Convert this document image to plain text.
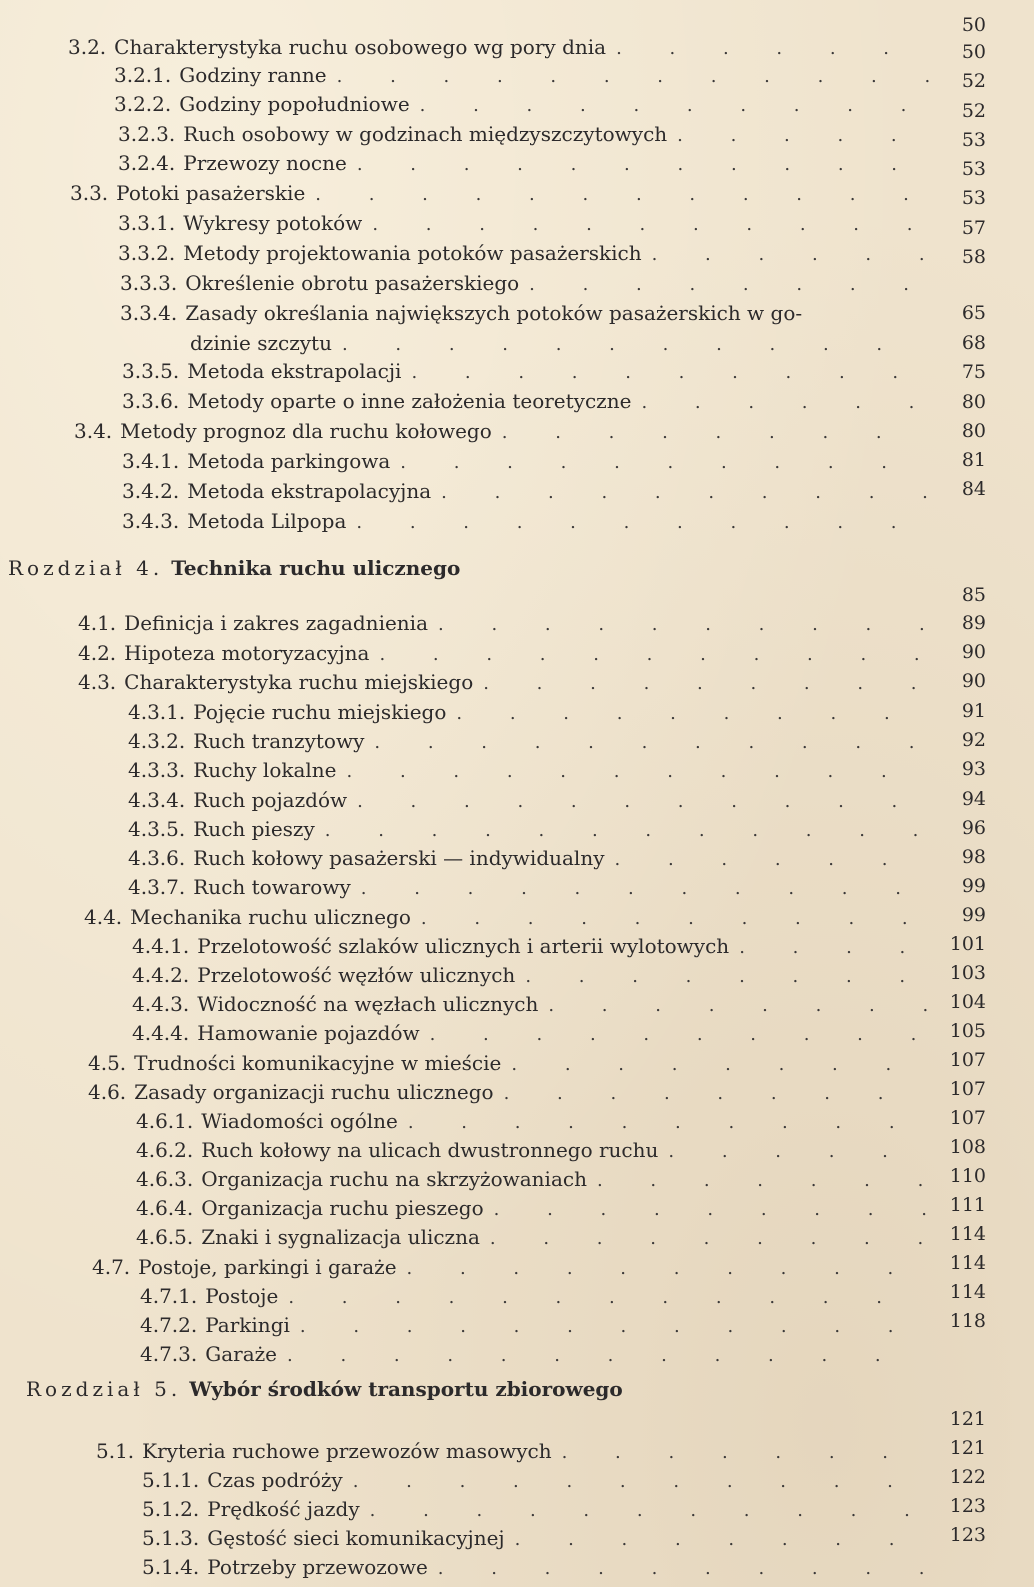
Rozdział 4. Technika ruchu ulicznego
Rozdział 5. Wybór środków transportu zbiorowego
3.2. Charakterystyka ruchu osobowego wg pory dnia
. . .
3.2.1. Godziny ranne
. . .
3.2.2. Godziny popołudniowe
. . .
3.2.3. Ruch osobowy w godzinach międzyszczytowych
. . .
3.2.4. Przewozy nocne
. . .
3.3. Potoki pasażerskie
. . .
3.3.1. Wykresy potoków
. . .
3.3.2. Metody projektowania potoków pasażerskich
. . .
3.3.3. Określenie obrotu pasażerskiego
. . .
3.3.4. Zasady określania największych potoków pasażerskich w go-
dzinie szczytu
. . .
3.3.5. Metoda ekstrapolacji
. . .
3.3.6. Metody oparte o inne założenia teoretyczne
. . .
3.4. Metody prognoz dla ruchu kołowego
. . .
3.4.1. Metoda parkingowa
. . .
3.4.2. Metoda ekstrapolacyjna
. . .
3.4.3. Metoda Lilpopa
. . .
4.1. Definicja i zakres zagadnienia
. . .
4.2. Hipoteza motoryzacyjna
. . .
4.3. Charakterystyka ruchu miejskiego
. . .
4.3.1. Pojęcie ruchu miejskiego
. . .
4.3.2. Ruch tranzytowy
. . .
4.3.3. Ruchy lokalne
. . .
4.3.4. Ruch pojazdów
. . .
4.3.5. Ruch pieszy
. . .
4.3.6. Ruch kołowy pasażerski — indywidualny
. . .
4.3.7. Ruch towarowy
. . .
4.4. Mechanika ruchu ulicznego
. . .
4.4.1. Przelotowość szlaków ulicznych i arterii wylotowych
. . .
4.4.2. Przelotowość węzłów ulicznych
. . .
4.4.3. Widoczność na węzłach ulicznych
. . .
4.4.4. Hamowanie pojazdów
. . .
4.5. Trudności komunikacyjne w mieście
. . .
4.6. Zasady organizacji ruchu ulicznego
. . .
4.6.1. Wiadomości ogólne
. . .
4.6.2. Ruch kołowy na ulicach dwustronnego ruchu
. . .
4.6.3. Organizacja ruchu na skrzyżowaniach
. . .
4.6.4. Organizacja ruchu pieszego
. . .
4.6.5. Znaki i sygnalizacja uliczna
. . .
4.7. Postoje, parkingi i garaże
. . .
4.7.1. Postoje
. . .
4.7.2. Parkingi
. . .
4.7.3. Garaże
. . .
5.1. Kryteria ruchowe przewozów masowych
. . .
5.1.1. Czas podróży
. . .
5.1.2. Prędkość jazdy
. . .
5.1.3. Gęstość sieci komunikacyjnej
. . .
5.1.4. Potrzeby przewozowe
. . .
50
50
52
52
53
53
53
57
58
65
68
75
80
80
81
84
85
89
90
90
91
92
93
94
96
98
99
99
101
103
104
105
107
107
107
108
110
111
114
114
114
118
121
121
122
123
123
